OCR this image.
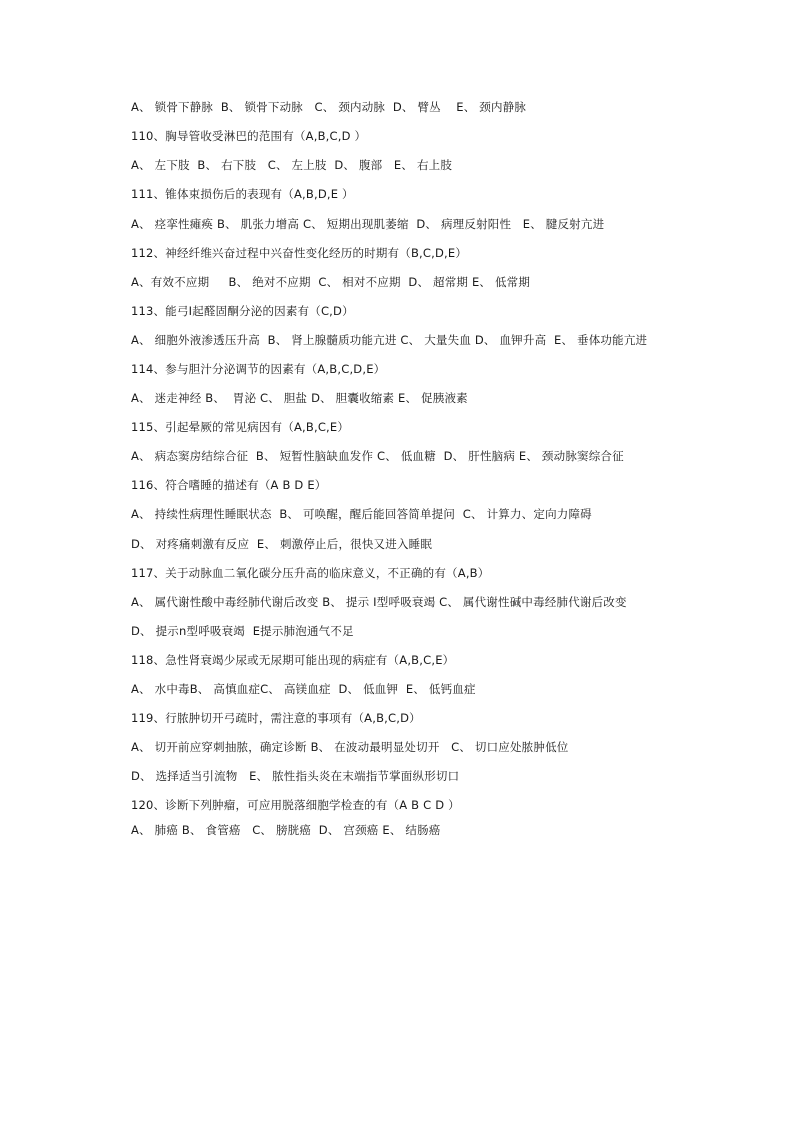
A、 锁骨下静脉  B、 锁骨下动脉   C、 颈内动脉  D、 臂丛    E、 颈内静脉
110、胸导管收受淋巴的范围有（A,B,C,D ）
A、 左下肢  B、 右下肢   C、 左上肢  D、 腹部   E、 右上肢
111、锥体束损伤后的表现有（A,B,D,E ）
A、 痉挛性瘫痪 B、 肌张力增高 C、 短期出现肌萎缩  D、 病理反射阳性   E、 腱反射亢进
112、神经纤维兴奋过程中兴奋性变化经历的时期有（B,C,D,E）
A、有效不应期     B、 绝对不应期  C、 相对不应期  D、 超常期 E、 低常期
113、能弓I起醛固酮分泌的因素有（C,D）
A、 细胞外液渗透压升高  B、 肾上腺髓质功能亢进 C、 大量失血 D、 血钾升高  E、 垂体功能亢进
114、参与胆汁分泌调节的因素有（A,B,C,D,E）
A、 迷走神经 B、  胃泌 C、 胆盐 D、 胆囊收缩素 E、 促胰液素
115、引起晕厥的常见病因有（A,B,C,E）
A、 病态窦房结综合征  B、 短暂性脑缺血发作 C、 低血糖  D、 肝性脑病 E、 颈动脉窦综合征
116、符合嗜睡的描述有（A B D E）
A、 持续性病理性睡眠状态  B、 可唤醒，醒后能回答简单提问  C、 计算力、定向力障碍
D、 对疼痛刺激有反应  E、 刺激停止后，很快又进入睡眠
117、关于动脉血二氧化碳分压升高的临床意义，不正确的有（A,B）
A、 属代谢性酸中毒经肺代谢后改变 B、 提示 I型呼吸衰竭 C、 属代谢性碱中毒经肺代谢后改变
D、 提示n型呼吸衰竭  E提示肺泡通气不足
118、急性肾衰竭少尿或无尿期可能出现的病症有（A,B,C,E）
A、 水中毒B、 高慎血症C、 高镁血症  D、 低血钾  E、 低钙血症
119、行脓肿切开弓疏时，需注意的事项有（A,B,C,D）
A、 切开前应穿刺抽脓，确定诊断 B、 在波动最明显处切开   C、 切口应处脓肿低位
D、 选择适当引流物   E、 脓性指头炎在末端指节掌面纵形切口
120、诊断下列肿瘤，可应用脱落细胞学检查的有（A B C D ）
A、 肺癌 B、 食管癌   C、 膀胱癌  D、 宫颈癌 E、 结肠癌
